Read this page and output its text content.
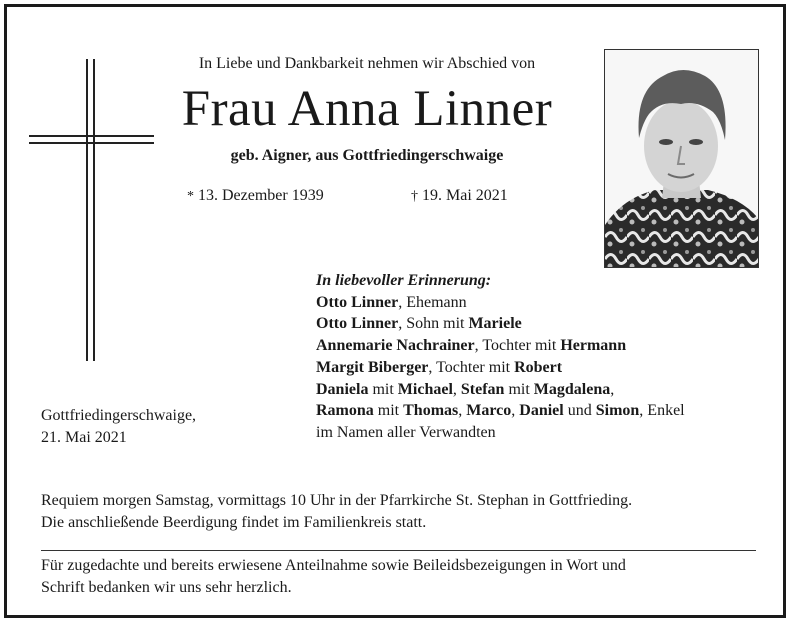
In Liebe und Dankbarkeit nehmen wir Abschied von
Frau Anna Linner
geb. Aigner, aus Gottfriedingerschwaige
* 13. Dezember 1939	† 19. Mai 2021
In liebevoller Erinnerung:
Otto Linner, Ehemann
Otto Linner, Sohn mit Mariele
Annemarie Nachrainer, Tochter mit Hermann
Margit Biberger, Tochter mit Robert
Daniela mit Michael, Stefan mit Magdalena,
Ramona mit Thomas, Marco, Daniel und Simon, Enkel
im Namen aller Verwandten
Gottfriedingerschwaige,
21. Mai 2021
Requiem morgen Samstag, vormittags 10 Uhr in der Pfarrkirche St. Stephan in Gottfrieding.
Die anschließende Beerdigung findet im Familienkreis statt.
Für zugedachte und bereits erwiesene Anteilnahme sowie Beileidsbezeigungen in Wort und
Schrift bedanken wir uns sehr herzlich.
